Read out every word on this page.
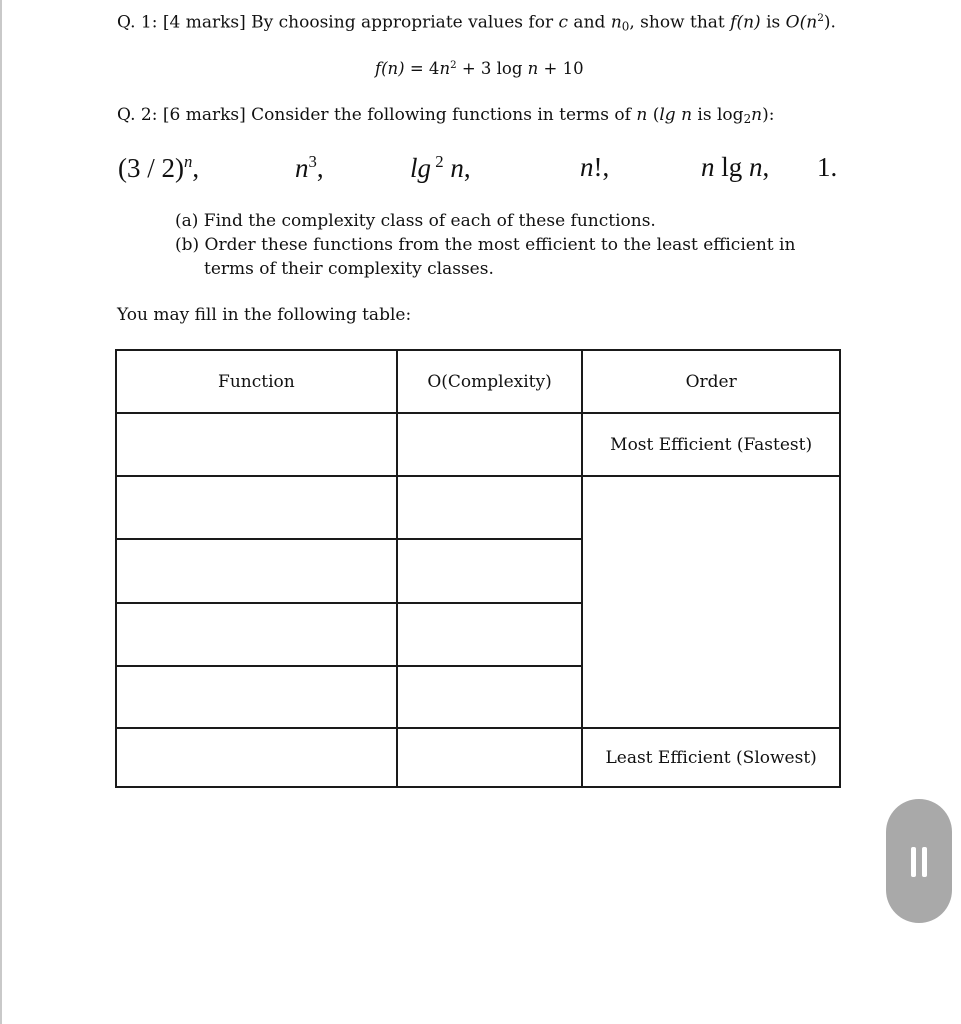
Q. 1: [4 marks] By choosing appropriate values for c and $n_0$, show that f(n) is $O(n^2)$.
$f(n) = 4n^2 + 3$ log n + 10
Q. 2: [6 marks] Consider the following functions in terms of n (lg n is $\log_2n$):
(3 / 2)$^n$,	$n^3$,	lg $^2$ n,	n!,	n lg n, 1.
(a) Find the complexity class of each of these functions.
(b) Order these functions from the most efficient to the least efficient in
terms of their complexity classes.
You may fill in the following table:
Function	O(Complexity)	Order
		Most Efficient (Fastest)

		Least Efficient (Slowest)
